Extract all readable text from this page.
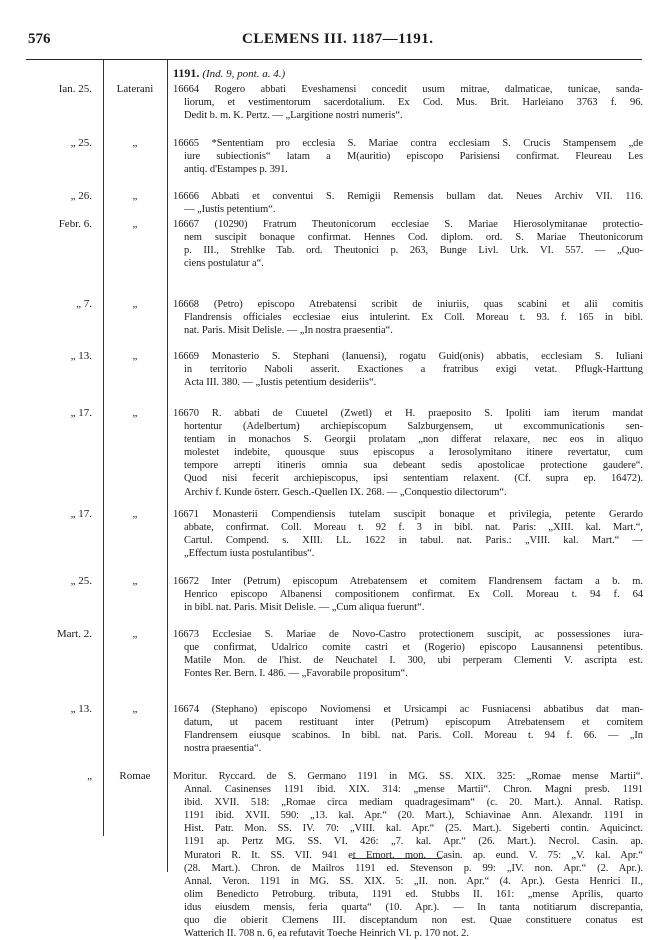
576	CLEMENS III. 1187—1191.
1191. (Ind. 9, pont. a. 4.)
Ian. 25.	Laterani	16664 Rogero abbati Eveshamensi concedit usum mitrae, dalmaticae, tunicae, sanda-
liorum, et vestimentorum sacerdotalium. Ex Cod. Mus. Brit. Harleiano 3763 f. 96.
Dedit b. m. K. Pertz. — „Largitione nostri numeris“.
„ 25.	„	16665 *Sententiam pro ecclesia S. Mariae contra ecclesiam S. Crucis Stampensem „de
iure subiectionis“ latam a M(auritio) episcopo Parisiensi confirmat. Fleureau Les
antiq. d'Estampes p. 391.
„ 26.	„	16666 Abbati et conventui S. Remigii Remensis bullam dat. Neues Archiv VII. 116.
— „Iustis petentium“.
Febr. 6.	„	16667 (10290) Fratrum Theutonicorum ecclesiae S. Mariae Hierosolymitanae protectio-
nem suscipit bonaque confirmat. Hennes Cod. diplom. ord. S. Mariae Theutonicorum
p. III., Strehlke Tab. ord. Theutonici p. 263, Bunge Livl. Urk. VI. 557. — „Quo-
ciens postulatur a“.
„ 7.	„	16668 (Petro) episcopo Atrebatensi scribit de iniuriis, quas scabini et alii comitis
Flandrensis officiales ecclesiae eius intulerint. Ex Coll. Moreau t. 93. f. 165 in bibl.
nat. Paris. Misit Delisle. — „In nostra praesentia“.
„ 13.	„	16669 Monasterio S. Stephani (Ianuensi), rogatu Guid(onis) abbatis, ecclesiam S. Iuliani
in territorio Naboli asserit. Exactiones a fratribus exigi vetat. Pflugk-Harttung
Acta III. 380. — „Iustis petentium desideriis“.
„ 17.	„	16670 R. abbati de Cuuetel (Zwetl) et H. praeposito S. Ipoliti iam iterum mandat
hortentur (Adelbertum) archiepiscopum Salzburgensem, ut excommunicationis sen-
tentiam in monachos S. Georgii prolatam „non differat relaxare, nec eos in aliquo
molestet indebite, quousque suus episcopus a Ierosolymitano itinere revertatur, cum
tempore arrepti itineris omnia sua debeant sedis apostolicae protectione gaudere“.
Quod nisi fecerit archiepiscopus, ipsi sententiam relaxent. (Cf. supra ep. 16472).
Archiv f. Kunde österr. Gesch.-Quellen IX. 268. — „Conquestio dilectorum“.
„ 17.	„	16671 Monasterii Compendiensis tutelam suscipit bonaque et privilegia, petente Gerardo
abbate, confirmat. Coll. Moreau t. 92 f. 3 in bibl. nat. Paris: „XIII. kal. Mart.“,
Cartul. Compend. s. XIII. LL. 1622 in tabul. nat. Paris.: „VIII. kal. Mart.“ —
„Effectum iusta postulantibus“.
„ 25.	„	16672 Inter (Petrum) episcopum Atrebatensem et comitem Flandrensem factam a b. m.
Henrico episcopo Albanensi compositionem confirmat. Ex Coll. Moreau t. 94 f. 64
in bibl. nat. Paris. Misit Delisle. — „Cum aliqua fuerunt“.
Mart. 2.	„	16673 Ecclesiae S. Mariae de Novo-Castro protectionem suscipit, ac possessiones iura-
que confirmat, Udalrico comite castri et (Rogerio) episcopo Lausannensi petentibus.
Matile Mon. de l'hist. de Neuchatel I. 300, ubi perperam Clementi V. ascripta est.
Fontes Rer. Bern. I. 486. — „Favorabile propositum“.
„ 13.	„	16674 (Stephano) episcopo Noviomensi et Ursicampi ac Fusniacensi abbatibus dat man-
datum, ut pacem restituant inter (Petrum) episcopum Atrebatensem et comitem
Flandrensem eiusque scabinos. In bibl. nat. Paris. Coll. Moreau t. 94 f. 66. — „In
nostra praesentia“.
„	Romae	Moritur. Ryccard. de S. Germano 1191 in MG. SS. XIX. 325: „Romae mense Martii“.
Annal. Casinenses 1191 ibid. XIX. 314: „mense Martii“. Chron. Magni presb. 1191
ibid. XVII. 518: „Romae circa mediam quadragesimam“ (c. 20. Mart.). Annal. Ratisp.
1191 ibid. XVII. 590: „13. kal. Apr.“ (20. Mart.), Schiavinae Ann. Alexandr. 1191 in
Hist. Patr. Mon. SS. IV. 70: „VIII. kal. Apr.“ (25. Mart.). Sigeberti contin. Aquicinct.
1191 ap. Pertz MG. SS. VI. 426: „7. kal. Apr.“ (26. Mart.). Necrol. Casin. ap.
Muratori R. It. SS. VII. 941 et Emort. mon. Casin. ap. eund. V. 75: „V. kal. Apr.“
(28. Mart.). Chron. de Mailros 1191 ed. Stevenson p. 99: „IV. non. Apr.“ (2. Apr.).
Annal. Veron. 1191 in MG. SS. XIX. 5: „II. non. Apr.“ (4. Apr.). Gesta Henrici II.,
olim Benedicto Petroburg. tributa, 1191 ed. Stubbs II. 161: „mense Aprilis, quarto
idus eiusdem mensis, feria quarta“ (10. Apr.). — In tanta notitiarum discrepantia,
quo die obierit Clemens III. disceptandum non est. Quae constituere conatus est
Watterich II. 708 n. 6, ea refutavit Toeche Heinrich VI. p. 170 not. 2.
